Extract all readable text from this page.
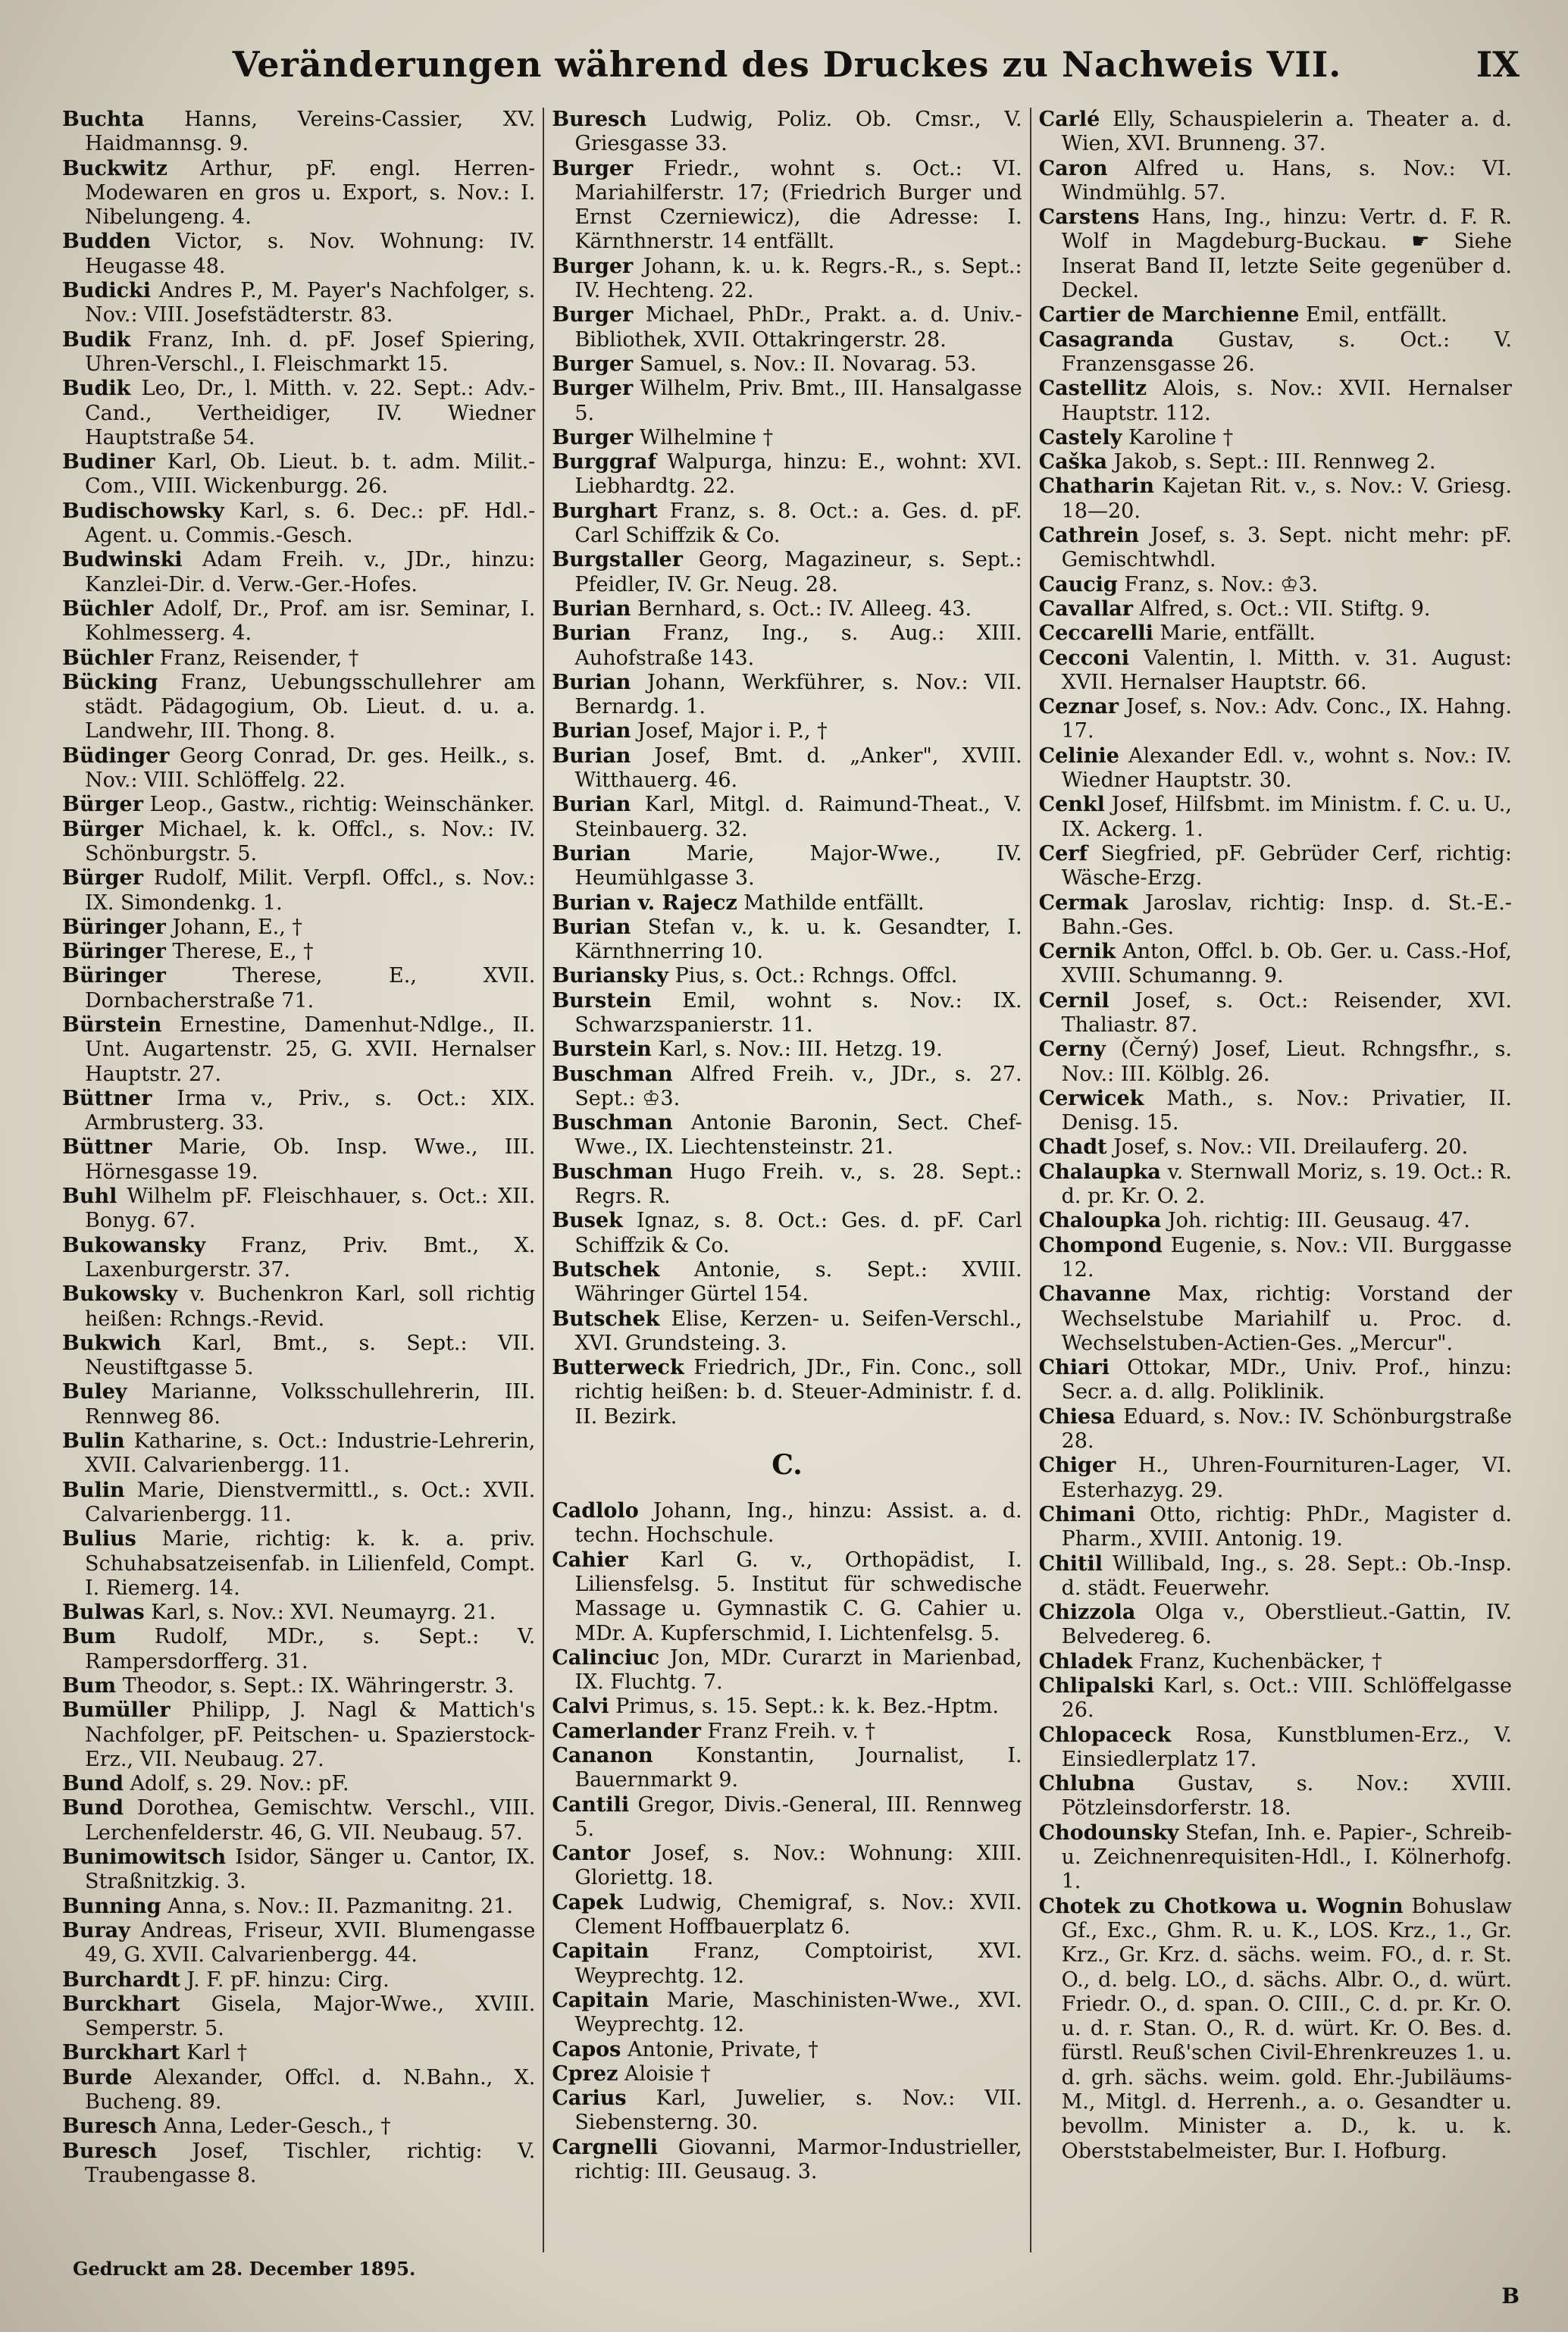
Veränderungen während des Druckes zu Nachweis VII.	IX
Buchta Hanns, Vereins-Cassier, XV. Haidmannsg. 9.
Buckwitz Arthur, pF. engl. Herren-Modewaren en gros u. Export, s. Nov.: I. Nibelungeng. 4.
Budden Victor, s. Nov. Wohnung: IV. Heugasse 48.
Budicki Andres P., M. Payer's Nachfolger, s. Nov.: VIII. Josefstädterstr. 83.
Budik Franz, Inh. d. pF. Josef Spiering, Uhren-Verschl., I. Fleischmarkt 15.
Budik Leo, Dr., l. Mitth. v. 22. Sept.: Adv.-Cand., Vertheidiger, IV. Wiedner Hauptstraße 54.
Budiner Karl, Ob. Lieut. b. t. adm. Milit.-Com., VIII. Wickenburgg. 26.
Budischowsky Karl, s. 6. Dec.: pF. Hdl.-Agent. u. Commis.-Gesch.
Budwinski Adam Freih. v., JDr., hinzu: Kanzlei-Dir. d. Verw.-Ger.-Hofes.
Büchler Adolf, Dr., Prof. am isr. Seminar, I. Kohlmesserg. 4.
Büchler Franz, Reisender, †
Bücking Franz, Uebungsschullehrer am städt. Pädagogium, Ob. Lieut. d. u. a. Landwehr, III. Thong. 8.
Büdinger Georg Conrad, Dr. ges. Heilk., s. Nov.: VIII. Schlöffelg. 22.
Bürger Leop., Gastw., richtig: Weinschänker.
Bürger Michael, k. k. Offcl., s. Nov.: IV. Schönburgstr. 5.
Bürger Rudolf, Milit. Verpfl. Offcl., s. Nov.: IX. Simondenkg. 1.
Büringer Johann, E., †
Büringer Therese, E., †
Büringer	Therese, E., XVII. Dornbacherstraße 71.
Bürstein Ernestine, Damenhut-Ndlge., II. Unt. Augartenstr. 25, G. XVII. Hernalser Hauptstr. 27.
Büttner Irma v., Priv., s. Oct.: XIX. Armbrusterg. 33.
Büttner Marie, Ob. Insp. Wwe., III. Hörnesgasse 19.
Buhl Wilhelm pF. Fleischhauer, s. Oct.: XII. Bonyg. 67.
Bukowansky Franz, Priv. Bmt., X. Laxenburgerstr. 37.
Bukowsky v. Buchenkron Karl, soll richtig heißen: Rchngs.-Revid.
Bukwich Karl, Bmt., s. Sept.: VII. Neustiftgasse 5.
Buley Marianne, Volksschullehrerin, III. Rennweg 86.
Bulin Katharine, s. Oct.: Industrie-Lehrerin, XVII. Calvarienbergg. 11.
Bulin Marie, Dienstvermittl., s. Oct.: XVII. Calvarienbergg. 11.
Bulius Marie, richtig: k. k. a. priv. Schuhabsatzeisenfab. in Lilienfeld, Compt. I. Riemerg. 14.
Bulwas Karl, s. Nov.: XVI. Neumayrg. 21.
Bum Rudolf, MDr., s. Sept.: V. Rampersdorfferg. 31.
Bum Theodor, s. Sept.: IX. Währingerstr. 3.
Bumüller Philipp, J. Nagl & Mattich's Nachfolger, pF. Peitschen- u. Spazierstock-Erz., VII. Neubaug. 27.
Bund Adolf, s. 29. Nov.: pF.
Bund Dorothea, Gemischtw. Verschl., VIII. Lerchenfelderstr. 46, G. VII. Neubaug. 57.
Bunimowitsch Isidor, Sänger u. Cantor, IX. Straßnitzkig. 3.
Bunning Anna, s. Nov.: II. Pazmanitng. 21.
Buray Andreas, Friseur, XVII. Blumengasse 49, G. XVII. Calvarienbergg. 44.
Burchardt J. F. pF. hinzu: Cirg.
Burckhart Gisela, Major-Wwe., XVIII. Semperstr. 5.
Burckhart Karl †
Burde Alexander, Offcl. d. N.Bahn., X. Bucheng. 89.
Buresch Anna, Leder-Gesch., †
Buresch Josef, Tischler, richtig: V. Traubengasse 8.
Buresch Ludwig, Poliz. Ob. Cmsr., V. Griesgasse 33.
Burger Friedr., wohnt s. Oct.: VI. Mariahilferstr. 17; (Friedrich Burger und Ernst Czerniewicz), die Adresse: I. Kärnthnerstr. 14 entfällt.
Burger Johann, k. u. k. Regrs.-R., s. Sept.: IV. Hechteng. 22.
Burger Michael, PhDr., Prakt. a. d. Univ.-Bibliothek, XVII. Ottakringerstr. 28.
Burger Samuel, s. Nov.: II. Novarag. 53.
Burger Wilhelm, Priv. Bmt., III. Hansalgasse 5.
Burger Wilhelmine †
Burggraf Walpurga, hinzu: E., wohnt: XVI. Liebhardtg. 22.
Burghart Franz, s. 8. Oct.: a. Ges. d. pF. Carl Schiffzik & Co.
Burgstaller Georg, Magazineur, s. Sept.: Pfeidler, IV. Gr. Neug. 28.
Burian Bernhard, s. Oct.: IV. Alleeg. 43.
Burian Franz, Ing., s. Aug.: XIII. Auhofstraße 143.
Burian Johann, Werkführer, s. Nov.: VII. Bernardg. 1.
Burian Josef, Major i. P., †
Burian Josef, Bmt. d. „Anker", XVIII. Witthauerg. 46.
Burian Karl, Mitgl. d. Raimund-Theat., V. Steinbauerg. 32.
Burian	Marie, Major-Wwe., IV. Heumühlgasse 3.
Burian v. Rajecz Mathilde entfällt.
Burian Stefan v., k. u. k. Gesandter, I. Kärnthnerring 10.
Buriansky Pius, s. Oct.: Rchngs. Offcl.
Burstein Emil, wohnt s. Nov.: IX. Schwarzspanierstr. 11.
Burstein Karl, s. Nov.: III. Hetzg. 19.
Buschman Alfred Freih. v., JDr., s. 27. Sept.: ♔3.
Buschman Antonie Baronin, Sect. Chef-Wwe., IX. Liechtensteinstr. 21.
Buschman Hugo Freih. v., s. 28. Sept.: Regrs. R.
Busek Ignaz, s. 8. Oct.: Ges. d. pF. Carl Schiffzik & Co.
Butschek Antonie, s. Sept.: XVIII. Währinger Gürtel 154.
Butschek Elise, Kerzen- u. Seifen-Verschl., XVI. Grundsteing. 3.
Butterweck Friedrich, JDr., Fin. Conc., soll richtig heißen: b. d. Steuer-Administr. f. d. II. Bezirk.
C.
Cadlolo Johann, Ing., hinzu: Assist. a. d. techn. Hochschule.
Cahier Karl G. v., Orthopädist, I. Liliensfelsg. 5. Institut für schwedische Massage u. Gymnastik C. G. Cahier u. MDr. A. Kupferschmid, I. Lichtenfelsg. 5.
Calinciuc Jon, MDr. Curarzt in Marienbad, IX. Fluchtg. 7.
Calvi Primus, s. 15. Sept.: k. k. Bez.-Hptm.
Camerlander Franz Freih. v. †
Cananon Konstantin, Journalist, I. Bauernmarkt 9.
Cantili Gregor, Divis.-General, III. Rennweg 5.
Cantor Josef, s. Nov.: Wohnung: XIII. Gloriettg. 18.
Capek Ludwig, Chemigraf, s. Nov.: XVII. Clement Hoffbauerplatz 6.
Capitain Franz, Comptoirist, XVI. Weyprechtg. 12.
Capitain Marie, Maschinisten-Wwe., XVI. Weyprechtg. 12.
Capos Antonie, Private, †
Cprez Aloisie †
Carius Karl, Juwelier, s. Nov.: VII. Siebensterng. 30.
Cargnelli Giovanni, Marmor-Industrieller, richtig: III. Geusaug. 3.
Carlé Elly, Schauspielerin a. Theater a. d. Wien, XVI. Brunneng. 37.
Caron Alfred u. Hans, s. Nov.: VI. Windmühlg. 57.
Carstens Hans, Ing., hinzu: Vertr. d. F. R. Wolf in Magdeburg-Buckau. ☛ Siehe Inserat Band II, letzte Seite gegenüber d. Deckel.
Cartier de Marchienne Emil, entfällt.
Casagranda Gustav, s. Oct.: V. Franzensgasse 26.
Castellitz Alois, s. Nov.: XVII. Hernalser Hauptstr. 112.
Castely Karoline †
Caška Jakob, s. Sept.: III. Rennweg 2.
Chatharin Kajetan Rit. v., s. Nov.: V. Griesg. 18—20.
Cathrein Josef, s. 3. Sept. nicht mehr: pF. Gemischtwhdl.
Caucig Franz, s. Nov.: ♔3.
Cavallar Alfred, s. Oct.: VII. Stiftg. 9.
Ceccarelli Marie, entfällt.
Cecconi Valentin, l. Mitth. v. 31. August: XVII. Hernalser Hauptstr. 66.
Ceznar Josef, s. Nov.: Adv. Conc., IX. Hahng. 17.
Celinie Alexander Edl. v., wohnt s. Nov.: IV. Wiedner Hauptstr. 30.
Cenkl Josef, Hilfsbmt. im Ministm. f. C. u. U., IX. Ackerg. 1.
Cerf Siegfried, pF. Gebrüder Cerf, richtig: Wäsche-Erzg.
Cermak Jaroslav, richtig: Insp. d. St.-E.-Bahn.-Ges.
Cernik Anton, Offcl. b. Ob. Ger. u. Cass.-Hof, XVIII. Schumanng. 9.
Cernil Josef, s. Oct.: Reisender, XVI. Thaliastr. 87.
Cerny (Černý) Josef, Lieut. Rchngsfhr., s. Nov.: III. Kölblg. 26.
Cerwicek Math., s. Nov.: Privatier, II. Denisg. 15.
Chadt Josef, s. Nov.: VII. Dreilauferg. 20.
Chalaupka v. Sternwall Moriz, s. 19. Oct.: R. d. pr. Kr. O. 2.
Chaloupka Joh. richtig: III. Geusaug. 47.
Chompond Eugenie, s. Nov.: VII. Burggasse 12.
Chavanne Max, richtig: Vorstand der Wechselstube Mariahilf u. Proc. d. Wechselstuben-Actien-Ges. „Mercur".
Chiari Ottokar, MDr., Univ. Prof., hinzu: Secr. a. d. allg. Poliklinik.
Chiesa Eduard, s. Nov.: IV. Schönburgstraße 28.
Chiger H., Uhren-Fournituren-Lager, VI. Esterhazyg. 29.
Chimani Otto, richtig: PhDr., Magister d. Pharm., XVIII. Antonig. 19.
Chitil Willibald, Ing., s. 28. Sept.: Ob.-Insp. d. städt. Feuerwehr.
Chizzola Olga v., Oberstlieut.-Gattin, IV. Belvedereg. 6.
Chladek Franz, Kuchenbäcker, †
Chlipalski Karl, s. Oct.: VIII. Schlöffelgasse 26.
Chlopaceck Rosa, Kunstblumen-Erz., V. Einsiedlerplatz 17.
Chlubna Gustav, s. Nov.: XVIII. Pötzleinsdorferstr. 18.
Chodounsky Stefan, Inh. e. Papier-, Schreib- u. Zeichnenrequisiten-Hdl., I. Kölnerhofg. 1.
Chotek zu Chotkowa u. Wognin Bohuslaw Gf., Exc., Ghm. R. u. K., LOS. Krz., 1., Gr. Krz., Gr. Krz. d. sächs. weim. FO., d. r. St. O., d. belg. LO., d. sächs. Albr. O., d. würt. Friedr. O., d. span. O. CIII., C. d. pr. Kr. O. u. d. r. Stan. O., R. d. würt. Kr. O. Bes. d. fürstl. Reuß'schen Civil-Ehrenkreuzes 1. u. d. grh. sächs. weim. gold. Ehr.-Jubiläums-M., Mitgl. d. Herrenh., a. o. Gesandter u. bevollm. Minister a. D., k. u. k. Oberststabelmeister, Bur. I. Hofburg.
Gedruckt am 28. December 1895.
B
